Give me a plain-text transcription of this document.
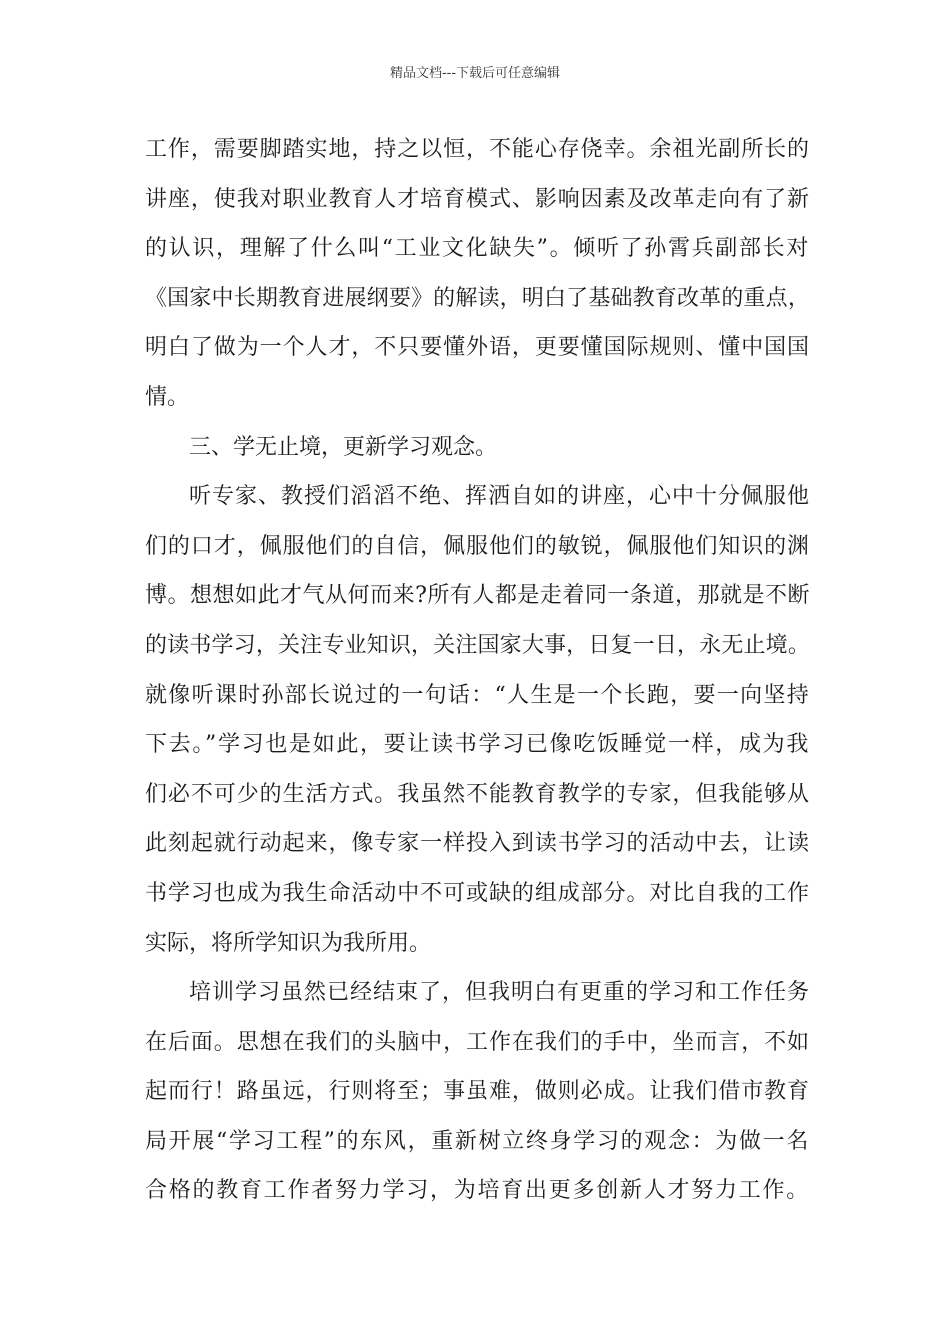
精品文档---下载后可任意编辑
工作，需要脚踏实地，持之以恒，不能心存侥幸。余祖光副所长的
讲座，使我对职业教育人才培育模式、影响因素及改革走向有了新
的认识，理解了什么叫“工业文化缺失”。倾听了孙霄兵副部长对
《国家中长期教育进展纲要》的解读，明白了基础教育改革的重点，
明白了做为一个人才，不只要懂外语，更要懂国际规则、懂中国国
情。
三、学无止境，更新学习观念。
听专家、教授们滔滔不绝、挥洒自如的讲座，心中十分佩服他
们的口才，佩服他们的自信，佩服他们的敏锐，佩服他们知识的渊
博。想想如此才气从何而来?所有人都是走着同一条道，那就是不断
的读书学习，关注专业知识，关注国家大事，日复一日，永无止境。
就像听课时孙部长说过的一句话：“人生是一个长跑，要一向坚持
下去。”学习也是如此，要让读书学习已像吃饭睡觉一样，成为我
们必不可少的生活方式。我虽然不能教育教学的专家，但我能够从
此刻起就行动起来，像专家一样投入到读书学习的活动中去，让读
书学习也成为我生命活动中不可或缺的组成部分。对比自我的工作
实际，将所学知识为我所用。
培训学习虽然已经结束了，但我明白有更重的学习和工作任务
在后面。思想在我们的头脑中，工作在我们的手中，坐而言，不如
起而行！路虽远，行则将至；事虽难，做则必成。让我们借市教育
局开展“学习工程”的东风，重新树立终身学习的观念：为做一名
合格的教育工作者努力学习，为培育出更多创新人才努力工作。
